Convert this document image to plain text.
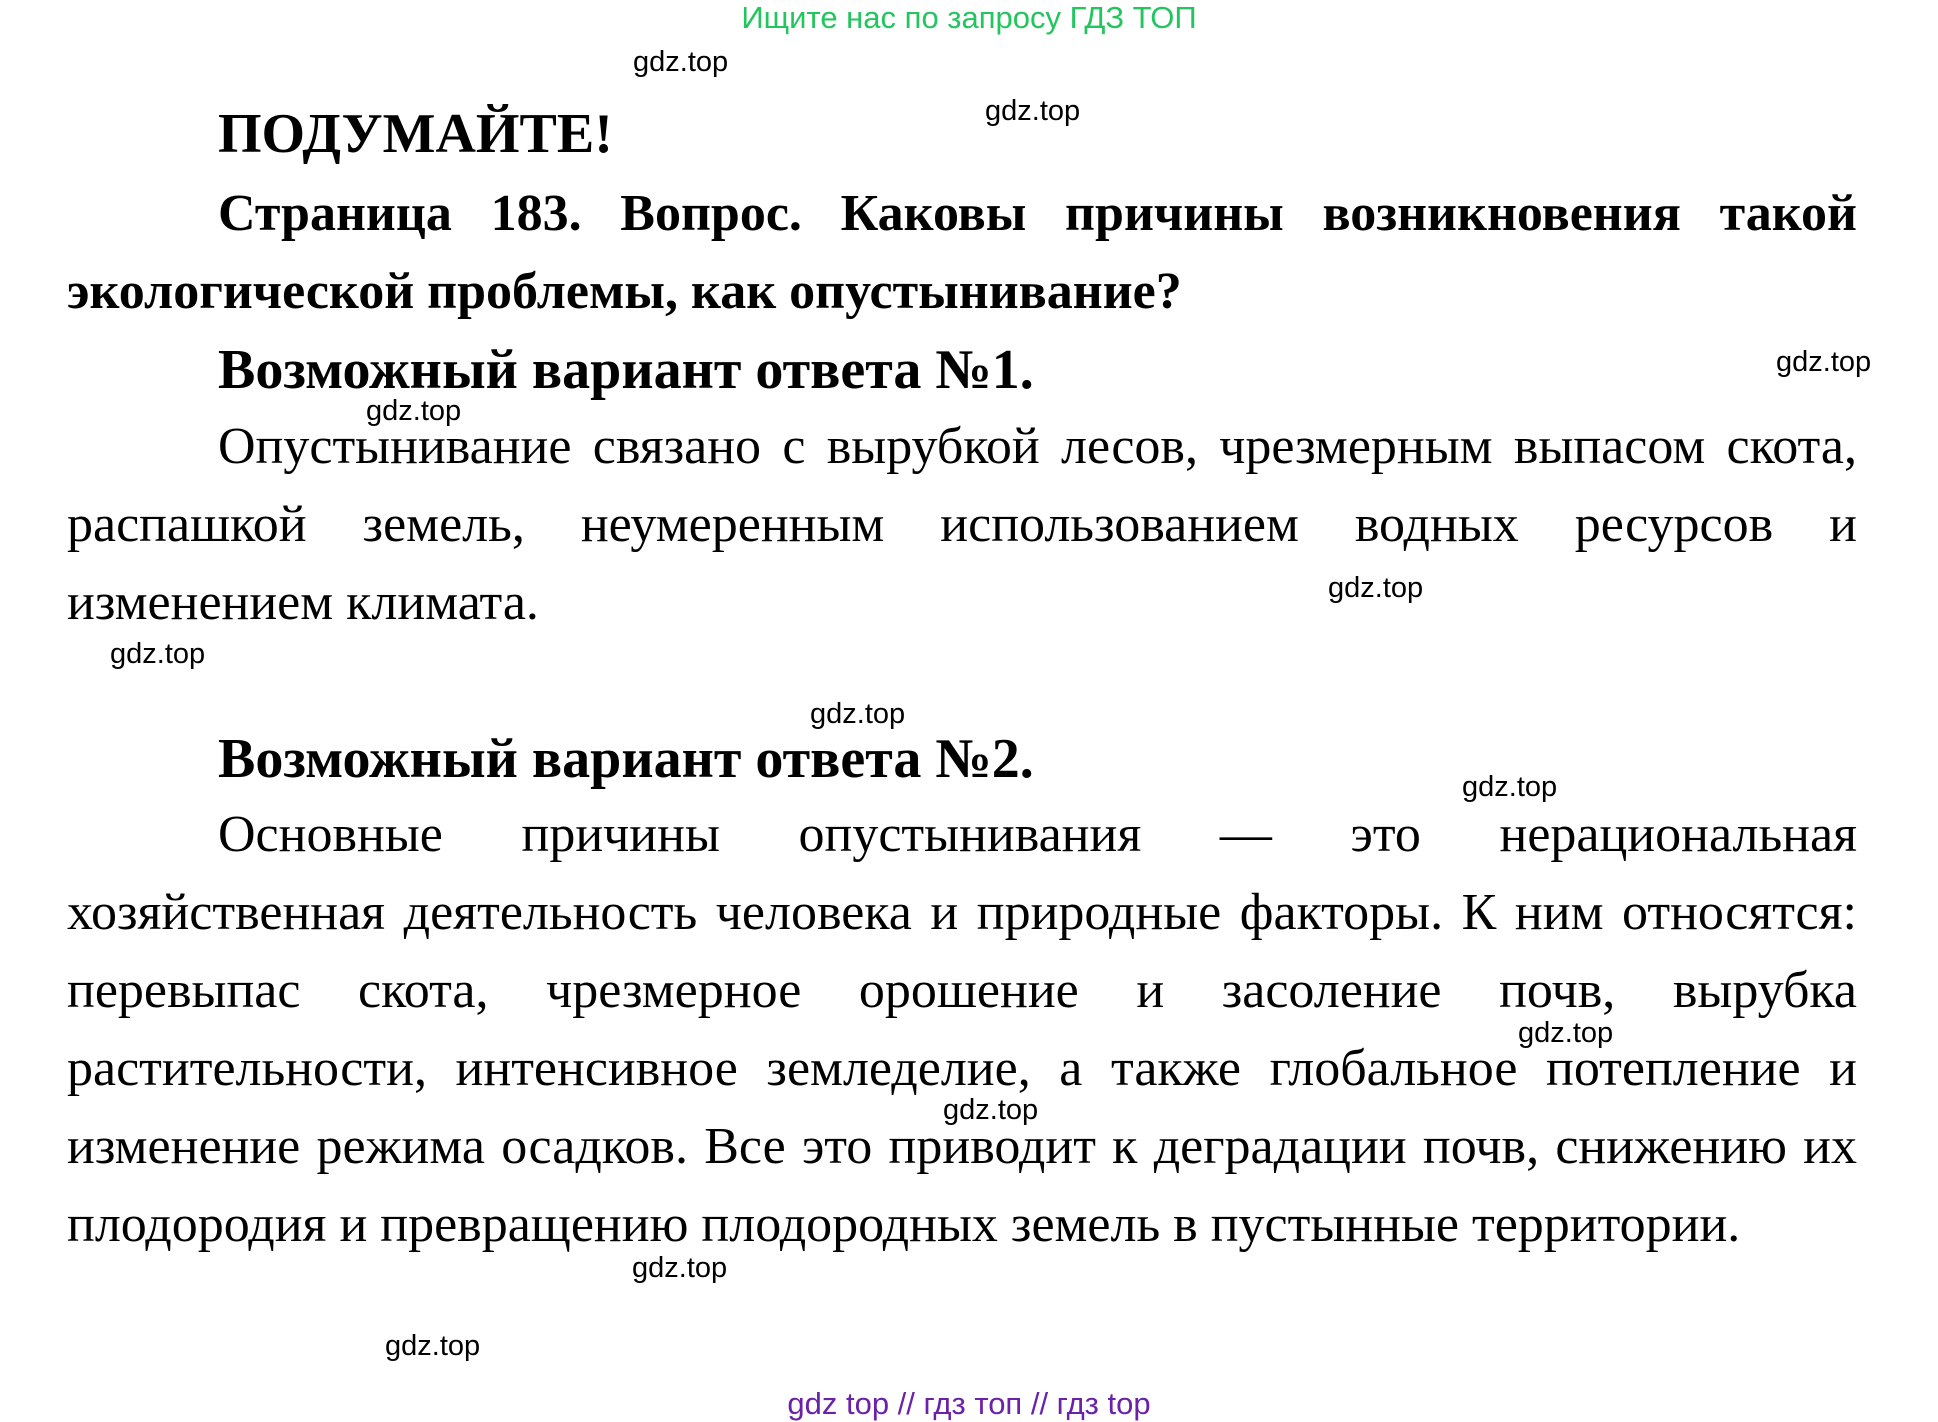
Ищите нас по запросу ГДЗ ТОП
ПОДУМАЙТЕ!
Страница 183. Вопрос. Каковы причины возникновения такой экологической проблемы, как опустынивание?
Возможный вариант ответа №1.
Опустынивание связано с вырубкой лесов, чрезмерным выпасом скота, распашкой земель, неумеренным использованием водных ресурсов и изменением климата.
Возможный вариант ответа №2.
Основные причины опустынивания — это нерациональная хозяйственная деятельность человека и природные факторы. К ним относятся: перевыпас скота, чрезмерное орошение и засоление почв, вырубка растительности, интенсивное земледелие, а также глобальное потепление и изменение режима осадков. Все это приводит к деградации почв, снижению их плодородия и превращению плодородных земель в пустынные территории.
gdz.top
gdz.top
gdz.top
gdz.top
gdz.top
gdz.top
gdz.top
gdz.top
gdz.top
gdz.top
gdz.top
gdz.top
gdz top // гдз топ // гдз top
